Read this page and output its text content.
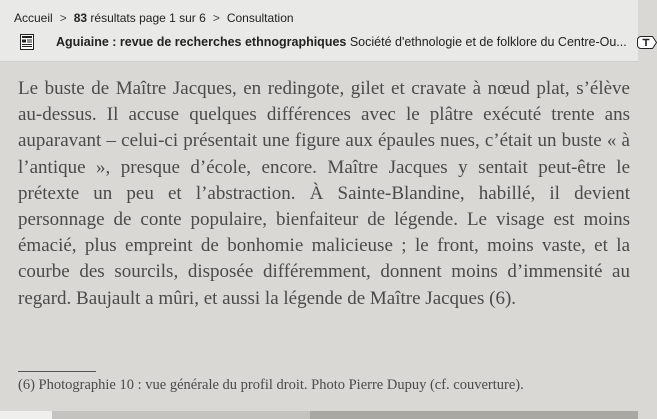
Accueil > 83 résultats page 1 sur 6 > Consultation
Aguiaine : revue de recherches ethnographiques Société d'ethnologie et de folklore du Centre-Ou...
Le buste de Maître Jacques, en redingote, gilet et cravate à nœud plat, s’élève au-dessus. Il accuse quelques différences avec le plâtre exécuté trente ans auparavant – celui-ci présentait une figure aux épaules nues, c’était un buste « à l’antique », presque d’école, encore. Maître Jacques y sentait peut-être le prétexte un peu et l’abstraction. À Sainte-Blandine, habillé, il devient personnage de conte populaire, bienfaiteur de légende. Le visage est moins émacié, plus empreint de bonhomie malicieuse ; le front, moins vaste, et la courbe des sourcils, disposée différemment, donnent moins d’immensité au regard. Baujault a mûri, et aussi la légende de Maître Jacques (6).
(6) Photographie 10 : vue générale du profil droit. Photo Pierre Dupuy (cf. couverture).
